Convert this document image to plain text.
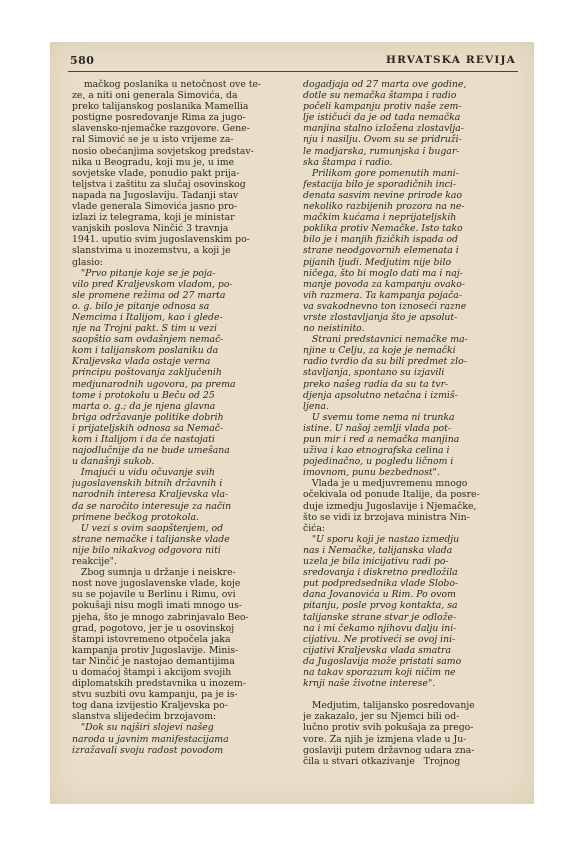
580	HRVATSKA REVIJA
mačkog poslanika u netočnost ove te-
ze, a niti oni generala Simovića, da
preko talijanskog poslanika Mamellia
postigne posredovanje Rima za jugo-
slavensko-njemačke razgovore. Gene-
ral Simović se je u isto vrijeme za-
nosio obećanjima sovjetskog predstav-
nika u Beogradu, koji mu je, u ime
sovjetske vlade, ponudio pakt prija-
teljstva i zaštitu za slučaj osovinskog
napada na Jugoslaviju. Tadanji stav
vlade generala Simovića jasno pro-
izlazi iz telegrama, koji je ministar
vanjskih poslova Ninčić 3 travnja
1941. uputio svim jugoslavenskim po-
slanstvima u inozemstvu, a koji je
glasio:
"Prvo pitanje koje se je poja-
vilo pred Kraljevskom vladom, po-
sle promene režima od 27 marta
o. g. bilo je pitanje odnosa sa
Nemcima i Italijom, kao i glede-
nje na Trojni pakt. S tim u vezi
saopštio sam ovdašnjem nemač-
kom i talijanskom poslaniku da
Kraljevska vlada ostaje verna
principu poštovanja zaključenih
medjunarodnih ugovora, pa prema
tome i protokolu u Beču od 25
marta o. g.; da je njena glavna
briga održavanje politike dobrih
i prijateljskih odnosa sa Nemač-
kom i Italijom i da će nastojati
najodlučnije da ne bude umešana
u današnji sukob.
Imajući u vidu očuvanje svih
jugoslavenskih bitnih državnih i
narodnih interesa Kraljevska vla-
da se naročito interesuje za način
primene bečkog protokola.
U vezi s ovim saopštenjem, od
strane nemačke i talijanske vlade
nije bilo nikakvog odgovora niti
reakcije".
Zbog sumnja u držanje i neiskre-
nost nove jugoslavenske vlade, koje
su se pojavile u Berlinu i Rimu, ovi
pokušaji nisu mogli imati mnogo us-
pjeha, što je mnogo zabrinjavalo Beo-
grad, pogotovo, jer je u osovinskoj
štampi istovremeno otpočela jaka
kampanja protiv Jugoslavije. Minis-
tar Ninčić je nastojao demantijima
u domaćoj štampi i akcijom svojih
diplomatskih predstavnika u inozem-
stvu suzbiti ovu kampanju, pa je is-
tog dana izvijestio Kraljevska po-
slanstva slijedećim brzojavom:
"Dok su najširi slojevi našeg
naroda u javnim manifestacijama
izražavali svoju radost povodom
dogadjaja od 27 marta ove godine,
dotle su nemačka štampa i radio
počeli kampanju protiv naše zem-
lje ističući da je od tada nemačka
manjina stalno izložena zlostavlja-
nju i nasilju. Ovom su se pridruži-
le madjarska, rumunjska i bugar-
ska štampa i radio.
Prilikom gore pomenutih mani-
festacija bilo je sporadičnih inci-
denata sasvim nevine prirode kao
nekoliko razbijenih prozora na ne-
mačkim kućama i neprijateljskih
poklika protiv Nemačke. Isto tako
bilo je i manjih fizičkih ispada od
strane neodgovornih elemenata i
pijanih ljudi. Medjutim nije bilo
ničega, što bi moglo dati ma i naj-
manje povoda za kampanju ovako-
vih razmera. Ta kampanja pojača-
va svakodnevno ton iznoseći razne
vrste zlostavljanja što je apsolut-
no neistinito.
Strani predstavnici nemačke ma-
njine u Celju, za koje je nemački
radio tvrdio da su bili predmet zlo-
stavljanja, spontano su izjavili
preko našeg radia da su ta tvr-
djenja apsolutno netačna i izmiš-
ljena.
U svemu tome nema ni trunka
istine. U našoj zemlji vlada pot-
pun mir i red a nemačka manjina
uživa i kao etnografska celina i
pojedinačno, u pogledu ličnom i
imovnom, punu bezbednost".
Vlada je u medjuvremenu mnogo
očekivala od ponude Italije, da posre-
duje izmedju Jugoslavije i Njemačke,
što se vidi iz brzojava ministra Nin-
čića:
"U sporu koji je nastao izmedju
nas i Nemačke, talijanska vlada
uzela je bila inicijativu radi po-
sredovanja i diskretno predložila
put podpredsednika vlade Slobo-
dana Jovanovića u Rim. Po ovom
pitanju, posle prvog kontakta, sa
talijanske strane stvar je odlože-
na i mi čekamo njihovu dalju ini-
cijativu. Ne protiveći se ovoj ini-
cijativi Kraljevska vlada smatra
da Jugoslavija može pristati samo
na takav sporazum koji ničim ne
krnji naše životne interese".
Medjutim, talijansko posredovanje
je zakazalo, jer su Njemci bili od-
lučno protiv svih pokušaja za prego-
vore. Za njih je izmjena vlade u Ju-
goslaviji putem državnog udara zna-
čila u stvari otkazivanje   Trojnog
